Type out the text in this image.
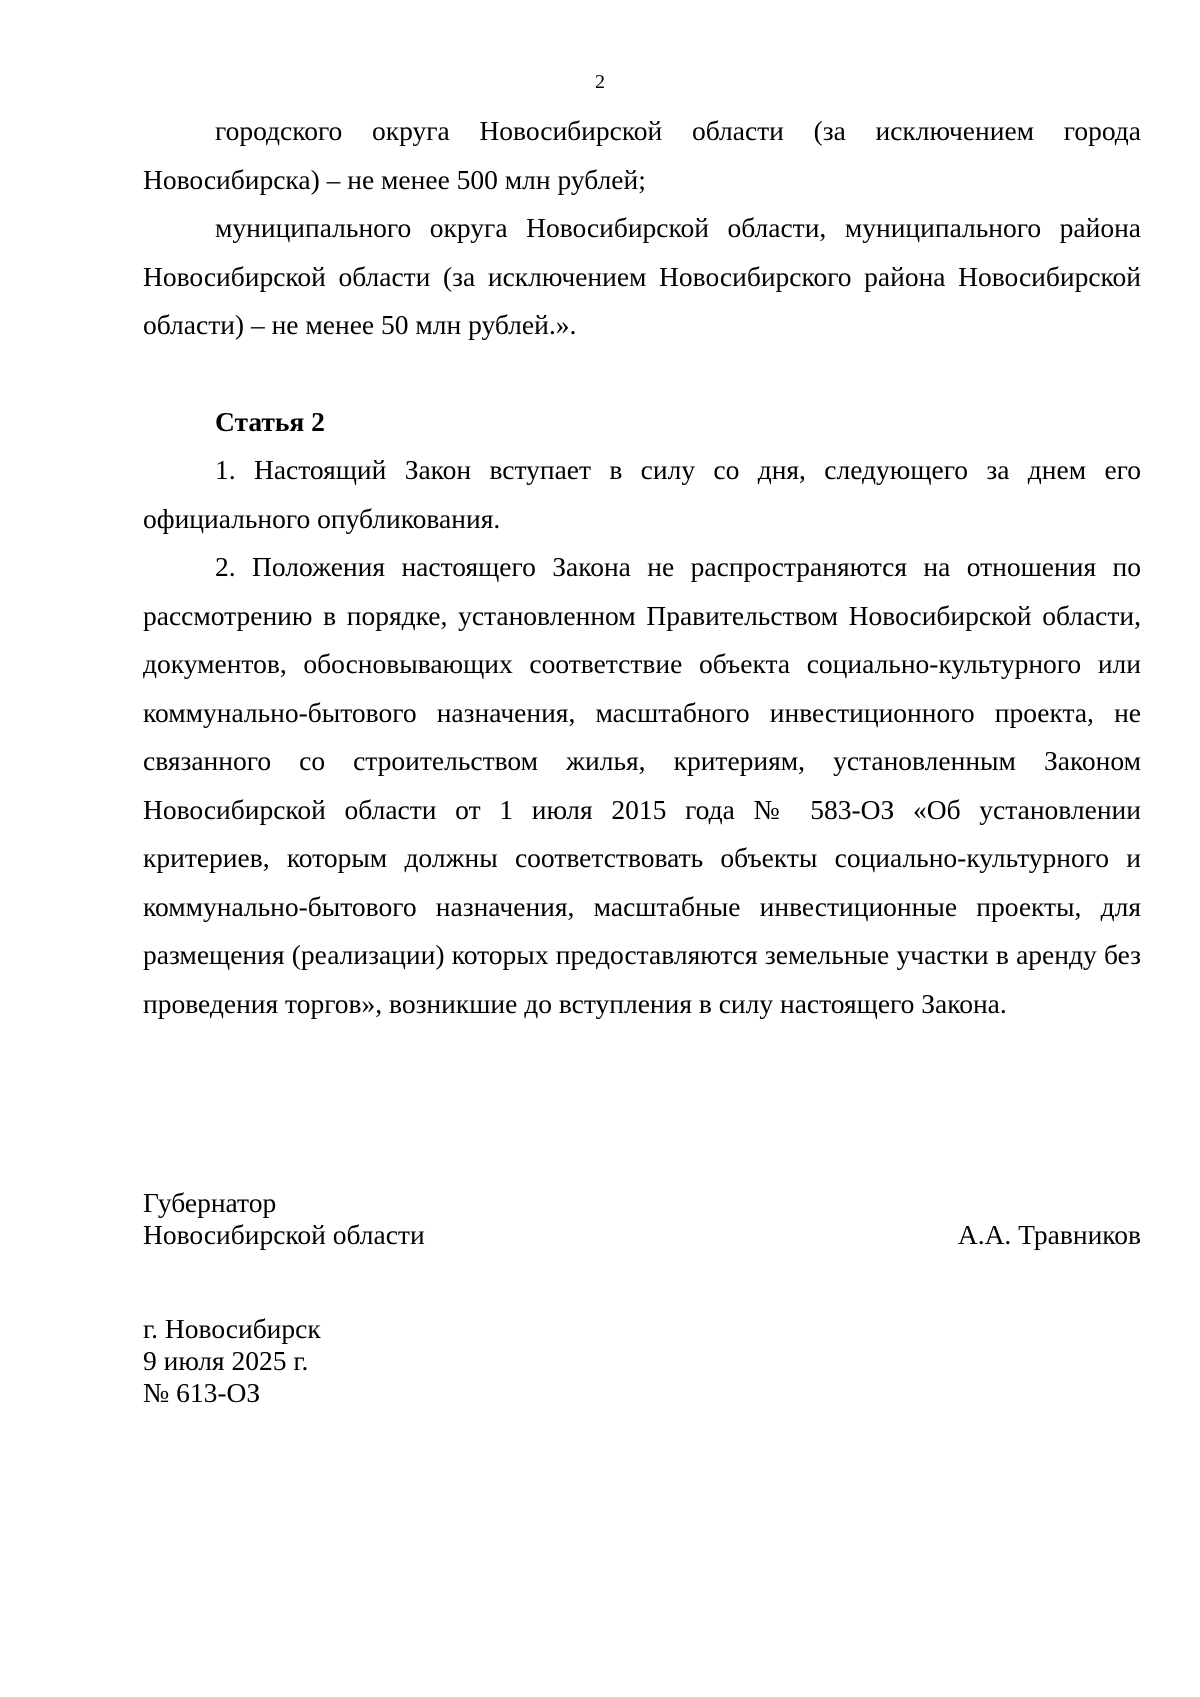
2

городского округа Новосибирской области (за исключением города Новосибирска) – не менее 500 млн рублей;

муниципального округа Новосибирской области, муниципального района Новосибирской области (за исключением Новосибирского района Новосибирской области) – не менее 50 млн рублей.».

Статья 2

1. Настоящий Закон вступает в силу со дня, следующего за днем его официального опубликования.

2. Положения настоящего Закона не распространяются на отношения по рассмотрению в порядке, установленном Правительством Новосибирской области, документов, обосновывающих соответствие объекта социально-культурного или коммунально-бытового назначения, масштабного инвестиционного проекта, не связанного со строительством жилья, критериям, установленным Законом Новосибирской области от 1 июля 2015 года № 583-ОЗ «Об установлении критериев, которым должны соответствовать объекты социально-культурного и коммунально-бытового назначения, масштабные инвестиционные проекты, для размещения (реализации) которых предоставляются земельные участки в аренду без проведения торгов», возникшие до вступления в силу настоящего Закона.

Губернатор

Новосибирской области	А.А. Травников

г. Новосибирск

9 июля 2025 г.

№ 613-ОЗ
